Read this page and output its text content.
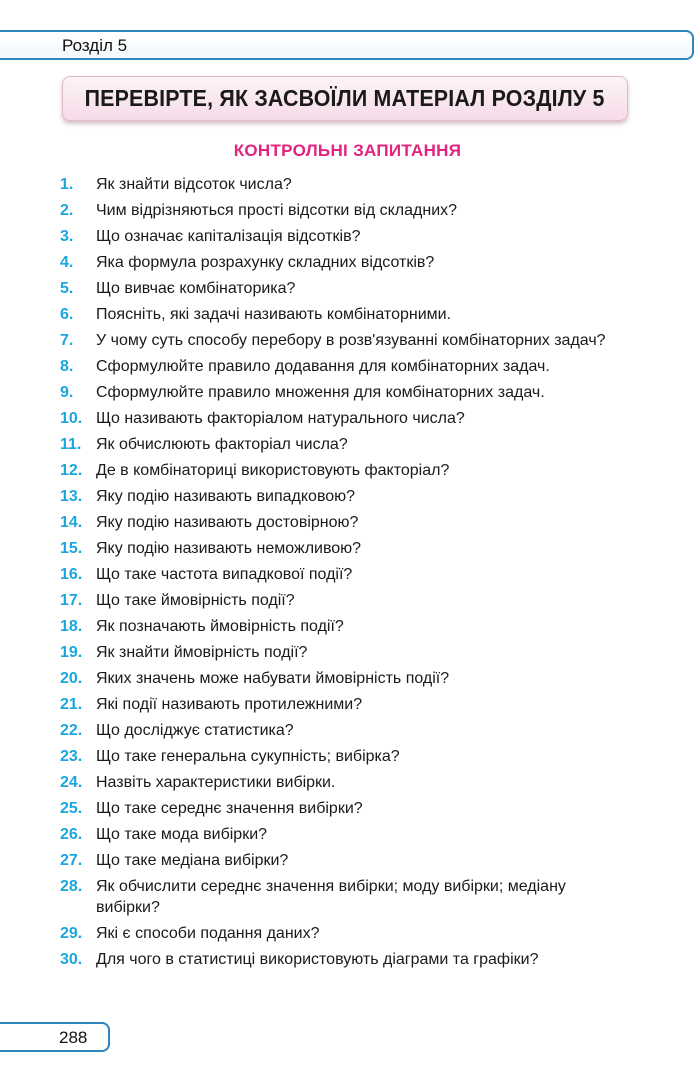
Розділ 5
ПЕРЕВІРТЕ, ЯК ЗАСВОЇЛИ МАТЕРІАЛ РОЗДІЛУ 5
КОНТРОЛЬНІ ЗАПИТАННЯ
1.	Як знайти відсоток числа?
2.	Чим відрізняються прості відсотки від складних?
3.	Що означає капіталізація відсотків?
4.	Яка формула розрахунку складних відсотків?
5.	Що вивчає комбінаторика?
6.	Поясніть, які задачі називають комбінаторними.
7.	У чому суть способу перебору в розв'язуванні комбінаторних задач?
8.	Сформулюйте правило додавання для комбінаторних задач.
9.	Сформулюйте правило множення для комбінаторних задач.
10. Що називають факторіалом натурального числа?
11. Як обчислюють факторіал числа?
12. Де в комбінаториці використовують факторіал?
13. Яку подію називають випадковою?
14. Яку подію називають достовірною?
15. Яку подію називають неможливою?
16. Що таке частота випадкової події?
17. Що таке ймовірність події?
18. Як позначають ймовірність події?
19. Як знайти ймовірність події?
20. Яких значень може набувати ймовірність події?
21. Які події називають протилежними?
22. Що досліджує статистика?
23. Що таке генеральна сукупність; вибірка?
24. Назвіть характеристики вибірки.
25. Що таке середнє значення вибірки?
26. Що таке мода вибірки?
27. Що таке медіана вибірки?
28. Як обчислити середнє значення вибірки; моду вибірки; медіану вибірки?
29. Які є способи подання даних?
30. Для чого в статистиці використовують діаграми та графіки?
288
